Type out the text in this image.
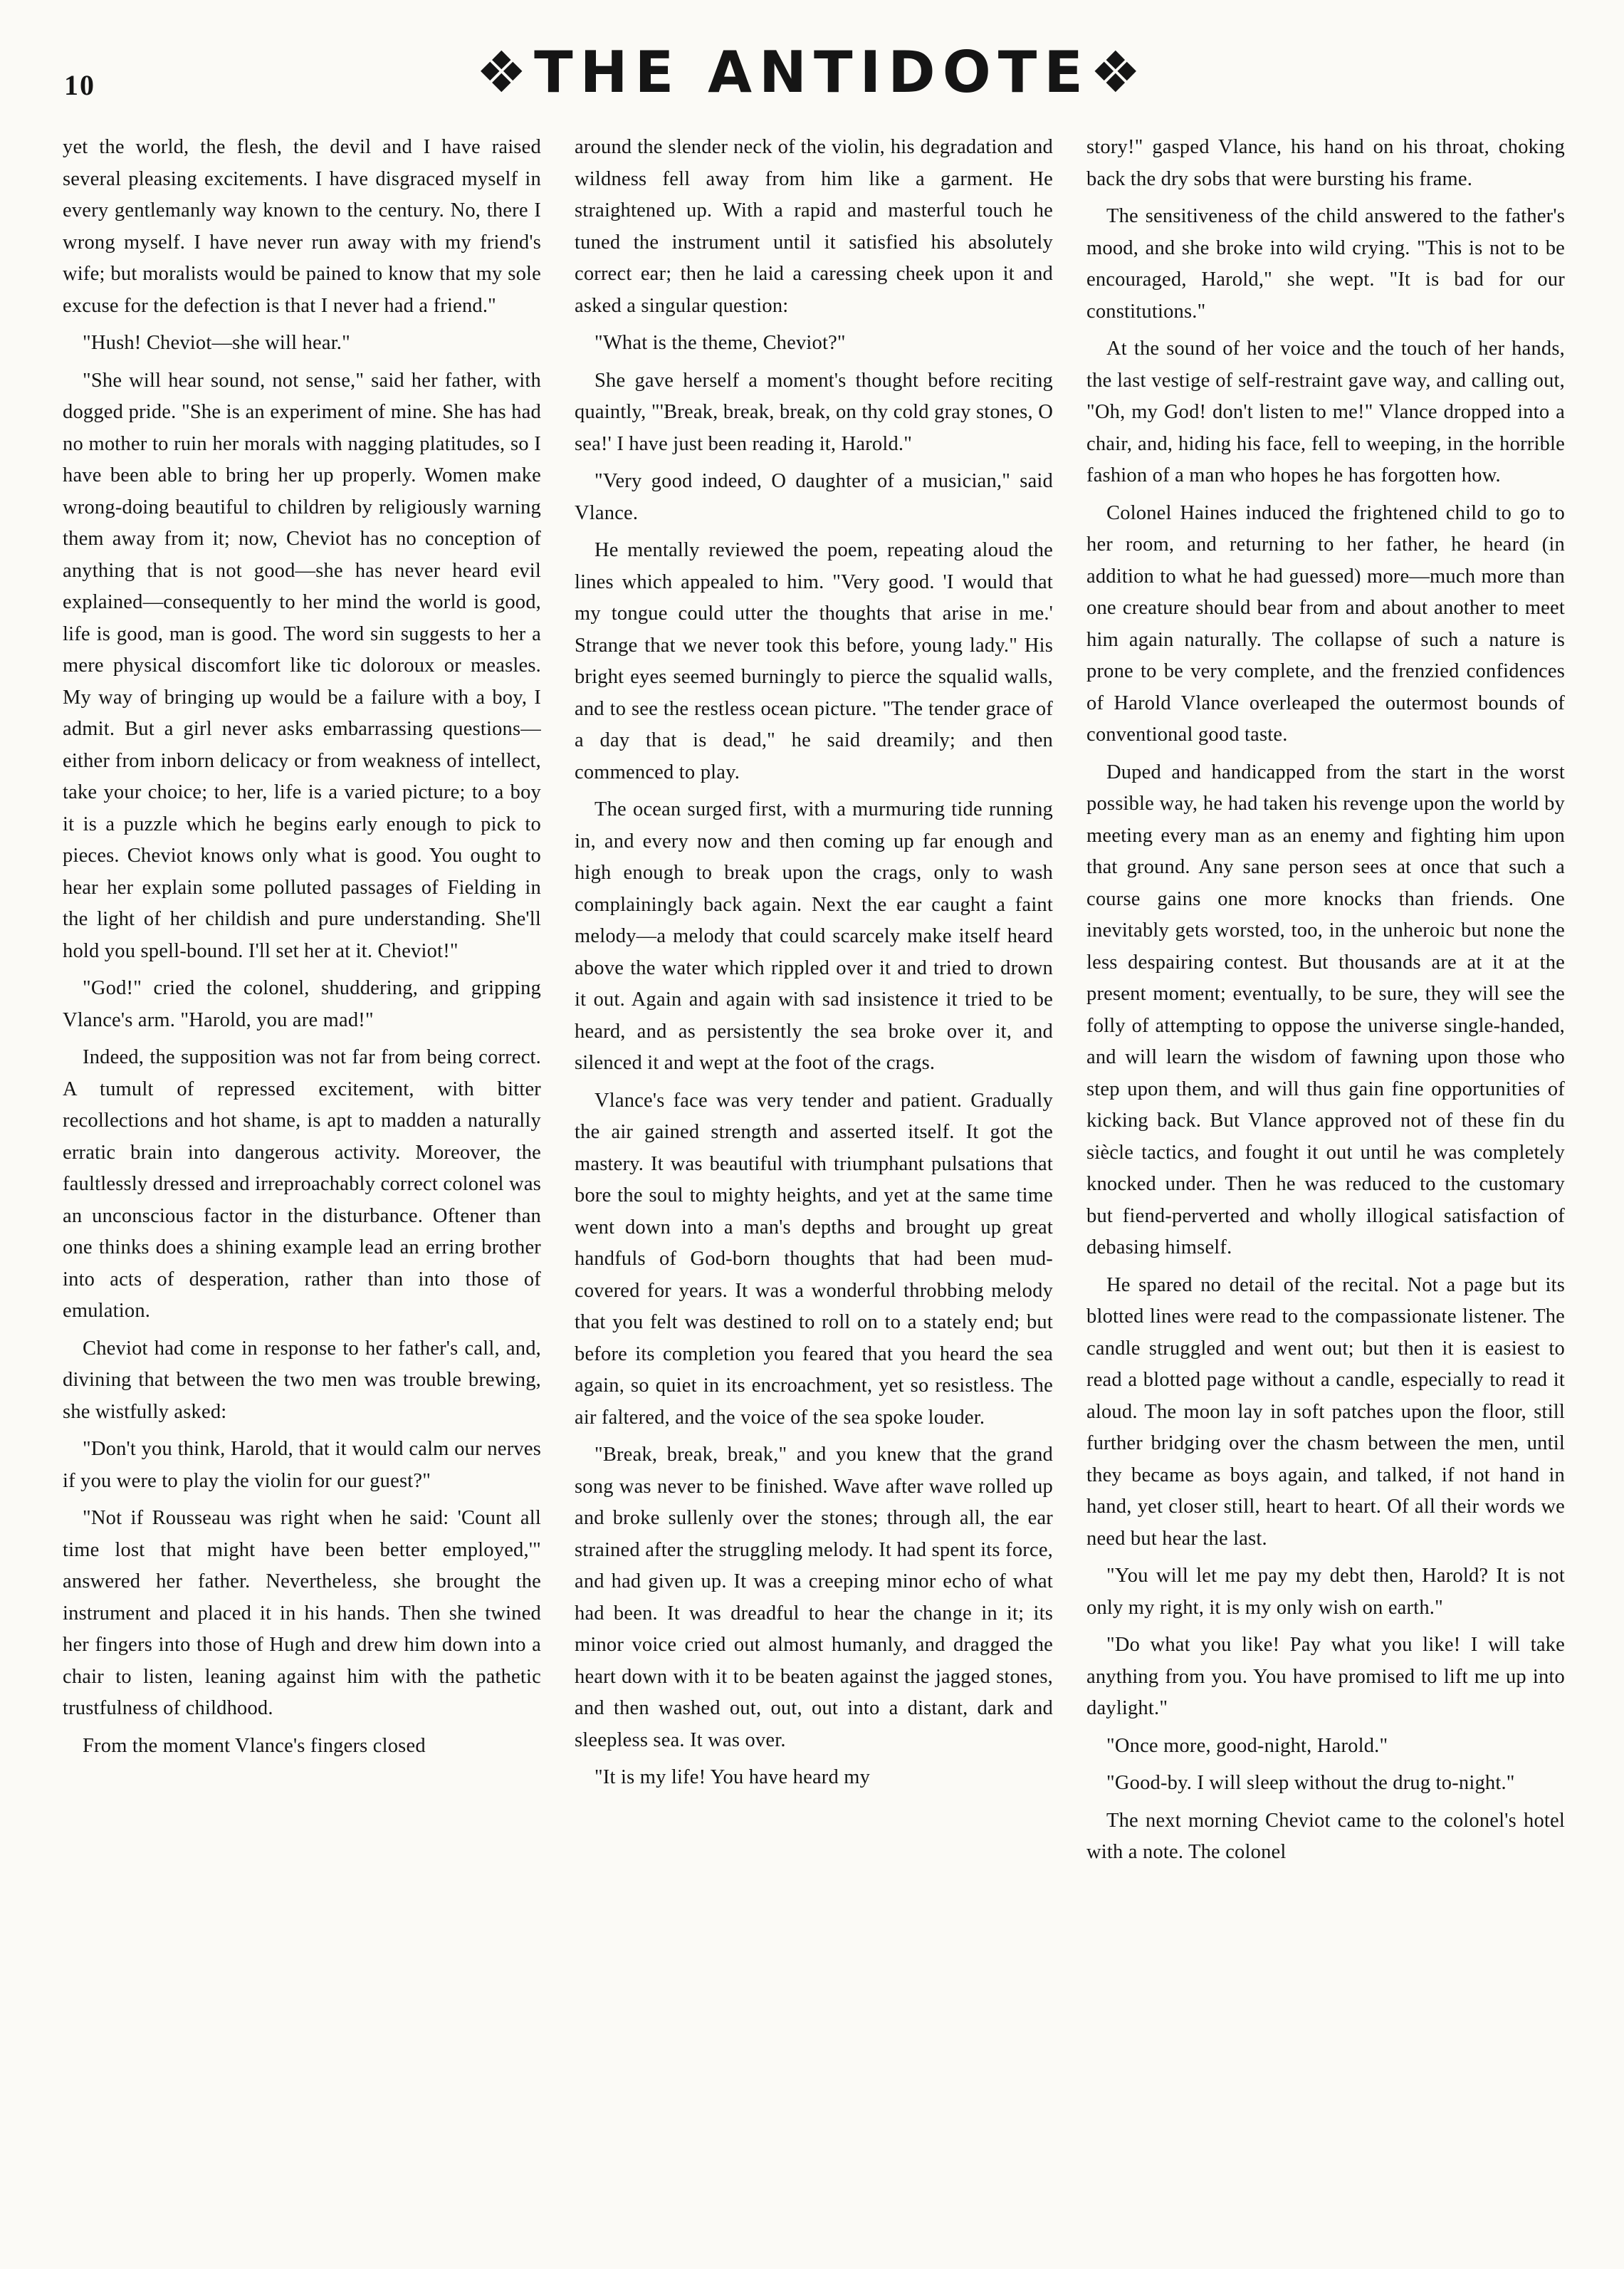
10	❖THE ANTIDOTE❖

yet the world, the flesh, the devil and I have raised several pleasing excitements. I have disgraced myself in every gentlemanly way known to the century. No, there I wrong myself. I have never run away with my friend's wife; but moralists would be pained to know that my sole excuse for the defection is that I never had a friend."

"Hush! Cheviot—she will hear."

"She will hear sound, not sense," said her father, with dogged pride. "She is an experiment of mine. She has had no mother to ruin her morals with nagging platitudes, so I have been able to bring her up properly. Women make wrong-doing beautiful to children by religiously warning them away from it; now, Cheviot has no conception of anything that is not good—she has never heard evil explained—consequently to her mind the world is good, life is good, man is good. The word sin suggests to her a mere physical discomfort like tic doloroux or measles. My way of bringing up would be a failure with a boy, I admit. But a girl never asks embarrassing questions—either from inborn delicacy or from weakness of intellect, take your choice; to her, life is a varied picture; to a boy it is a puzzle which he begins early enough to pick to pieces. Cheviot knows only what is good. You ought to hear her explain some polluted passages of Fielding in the light of her childish and pure understanding. She'll hold you spell-bound. I'll set her at it. Cheviot!"

"God!" cried the colonel, shuddering, and gripping Vlance's arm. "Harold, you are mad!"

Indeed, the supposition was not far from being correct. A tumult of repressed excitement, with bitter recollections and hot shame, is apt to madden a naturally erratic brain into dangerous activity. Moreover, the faultlessly dressed and irreproachably correct colonel was an unconscious factor in the disturbance. Oftener than one thinks does a shining example lead an erring brother into acts of desperation, rather than into those of emulation.

Cheviot had come in response to her father's call, and, divining that between the two men was trouble brewing, she wistfully asked:

"Don't you think, Harold, that it would calm our nerves if you were to play the violin for our guest?"

"Not if Rousseau was right when he said: 'Count all time lost that might have been better employed,'" answered her father. Nevertheless, she brought the instrument and placed it in his hands. Then she twined her fingers into those of Hugh and drew him down into a chair to listen, leaning against him with the pathetic trustfulness of childhood.

From the moment Vlance's fingers closed

around the slender neck of the violin, his degradation and wildness fell away from him like a garment. He straightened up. With a rapid and masterful touch he tuned the instrument until it satisfied his absolutely correct ear; then he laid a caressing cheek upon it and asked a singular question:

"What is the theme, Cheviot?"

She gave herself a moment's thought before reciting quaintly, "'Break, break, break, on thy cold gray stones, O sea!' I have just been reading it, Harold."

"Very good indeed, O daughter of a musician," said Vlance.

He mentally reviewed the poem, repeating aloud the lines which appealed to him. "Very good. 'I would that my tongue could utter the thoughts that arise in me.' Strange that we never took this before, young lady." His bright eyes seemed burningly to pierce the squalid walls, and to see the restless ocean picture. "The tender grace of a day that is dead," he said dreamily; and then commenced to play.

The ocean surged first, with a murmuring tide running in, and every now and then coming up far enough and high enough to break upon the crags, only to wash complainingly back again. Next the ear caught a faint melody—a melody that could scarcely make itself heard above the water which rippled over it and tried to drown it out. Again and again with sad insistence it tried to be heard, and as persistently the sea broke over it, and silenced it and wept at the foot of the crags.

Vlance's face was very tender and patient. Gradually the air gained strength and asserted itself. It got the mastery. It was beautiful with triumphant pulsations that bore the soul to mighty heights, and yet at the same time went down into a man's depths and brought up great handfuls of God-born thoughts that had been mud-covered for years. It was a wonderful throbbing melody that you felt was destined to roll on to a stately end; but before its completion you feared that you heard the sea again, so quiet in its encroachment, yet so resistless. The air faltered, and the voice of the sea spoke louder.

"Break, break, break," and you knew that the grand song was never to be finished. Wave after wave rolled up and broke sullenly over the stones; through all, the ear strained after the struggling melody. It had spent its force, and had given up. It was a creeping minor echo of what had been. It was dreadful to hear the change in it; its minor voice cried out almost humanly, and dragged the heart down with it to be beaten against the jagged stones, and then washed out, out, out into a distant, dark and sleepless sea. It was over.

"It is my life! You have heard my

story!" gasped Vlance, his hand on his throat, choking back the dry sobs that were bursting his frame.

The sensitiveness of the child answered to the father's mood, and she broke into wild crying. "This is not to be encouraged, Harold," she wept. "It is bad for our constitutions."

At the sound of her voice and the touch of her hands, the last vestige of self-restraint gave way, and calling out, "Oh, my God! don't listen to me!" Vlance dropped into a chair, and, hiding his face, fell to weeping, in the horrible fashion of a man who hopes he has forgotten how.

Colonel Haines induced the frightened child to go to her room, and returning to her father, he heard (in addition to what he had guessed) more—much more than one creature should bear from and about another to meet him again naturally. The collapse of such a nature is prone to be very complete, and the frenzied confidences of Harold Vlance overleaped the outermost bounds of conventional good taste.

Duped and handicapped from the start in the worst possible way, he had taken his revenge upon the world by meeting every man as an enemy and fighting him upon that ground. Any sane person sees at once that such a course gains one more knocks than friends. One inevitably gets worsted, too, in the unheroic but none the less despairing contest. But thousands are at it at the present moment; eventually, to be sure, they will see the folly of attempting to oppose the universe single-handed, and will learn the wisdom of fawning upon those who step upon them, and will thus gain fine opportunities of kicking back. But Vlance approved not of these fin du siècle tactics, and fought it out until he was completely knocked under. Then he was reduced to the customary but fiend-perverted and wholly illogical satisfaction of debasing himself.

He spared no detail of the recital. Not a page but its blotted lines were read to the compassionate listener. The candle struggled and went out; but then it is easiest to read a blotted page without a candle, especially to read it aloud. The moon lay in soft patches upon the floor, still further bridging over the chasm between the men, until they became as boys again, and talked, if not hand in hand, yet closer still, heart to heart. Of all their words we need but hear the last.

"You will let me pay my debt then, Harold? It is not only my right, it is my only wish on earth."

"Do what you like! Pay what you like! I will take anything from you. You have promised to lift me up into daylight."

"Once more, good-night, Harold."

"Good-by. I will sleep without the drug to-night."

The next morning Cheviot came to the colonel's hotel with a note. The colonel
